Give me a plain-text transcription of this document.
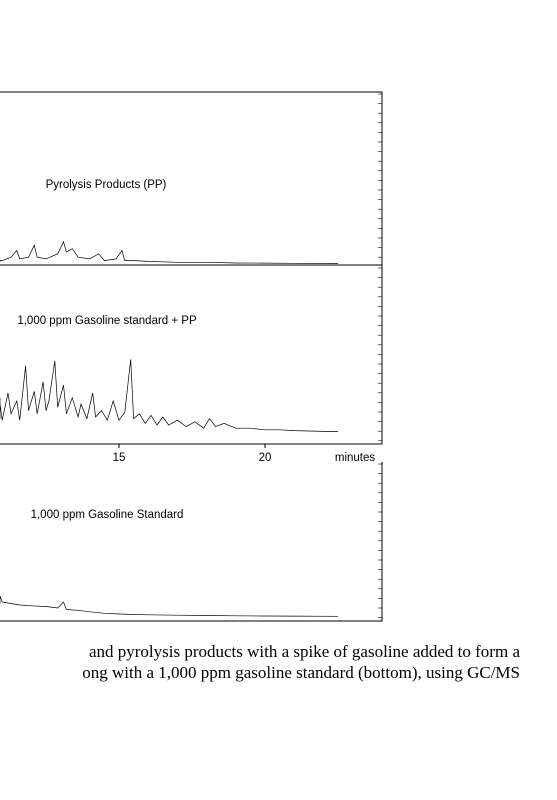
Pyrolysis Products (PP)
1,000 ppm Gasoline standard + PP
15	20	minutes
1,000 ppm Gasoline Standard
and pyrolysis products with a spike of gasoline added to form a
ong with a 1,000 ppm gasoline standard (bottom), using GC/MS
